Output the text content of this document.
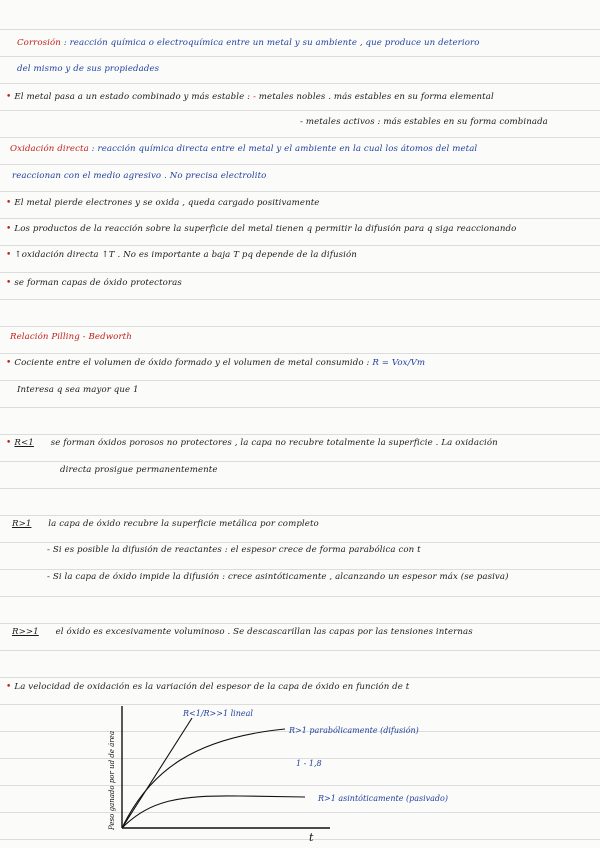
Corrosión : reacción química o electroquímica entre un metal y su ambiente , que produce un deterioro
del mismo y de sus propiedades
• El metal pasa a un estado combinado y más estable : - metales nobles . más estables en su forma elemental
- metales activos : más estables en su forma combinada
Oxidación directa : reacción química directa entre el metal y el ambiente en la cual los átomos del metal
reaccionan con el medio agresivo . No precisa electrolito
• El metal pierde electrones y se oxida , queda cargado positivamente
• Los productos de la reacción sobre la superficie del metal tienen q permitir la difusión para q siga reaccionando
• ↑oxidación directa ↑T . No es importante a baja T pq depende de la difusión
• se forman capas de óxido protectoras
Relación Pilling - Bedworth
• Cociente entre el volumen de óxido formado y el volumen de metal consumido : R = Vox/Vm
Interesa q sea mayor que 1
• R<1 se forman óxidos porosos no protectores , la capa no recubre totalmente la superficie . La oxidación
directa prosigue permanentemente
R>1 la capa de óxido recubre la superficie metálica por completo
- Si es posible la difusión de reactantes : el espesor crece de forma parabólica con t
- Si la capa de óxido impide la difusión : crece asintóticamente , alcanzando un espesor máx (se pasiva)
R>>1 el óxido es excesivamente voluminoso . Se descascarillan las capas por las tensiones internas
• La velocidad de oxidación es la variación del espesor de la capa de óxido en función de t
Peso ganado por ud de área
t
R<1/R>>1 lineal
R>1 parabólicamente (difusión)
1 - 1,8
R>1 asintóticamente (pasivado)
